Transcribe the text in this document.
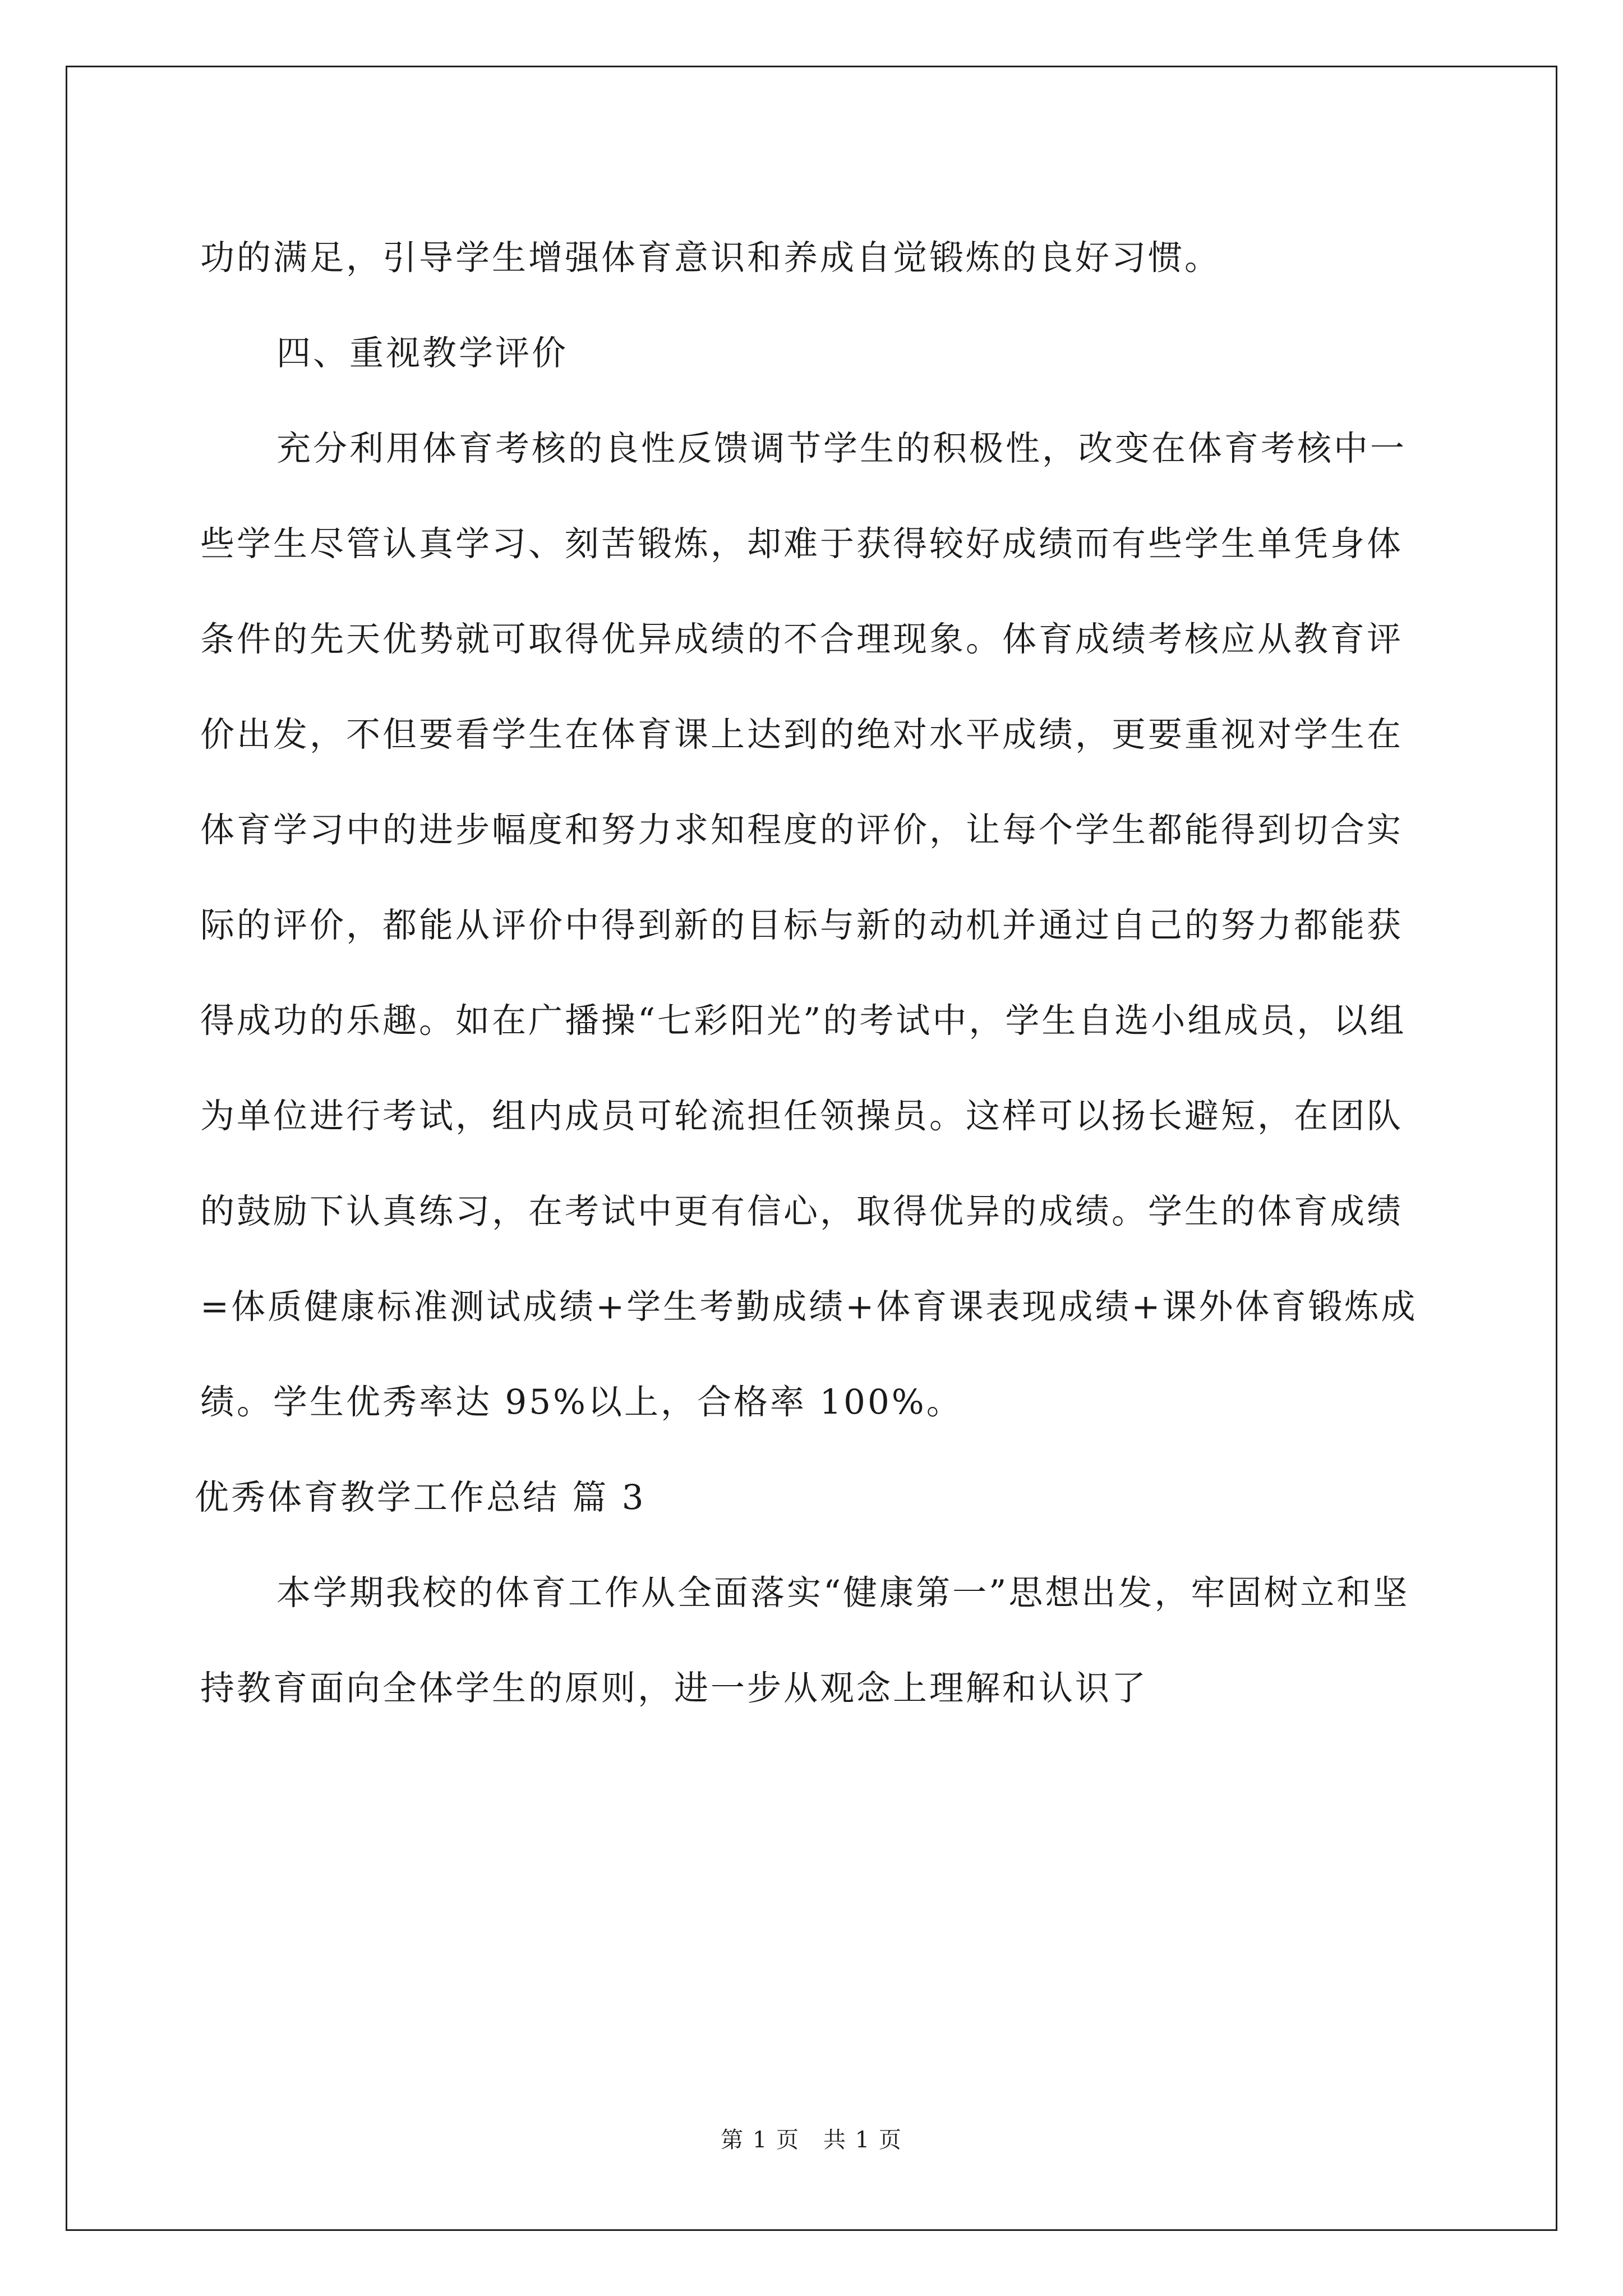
功的满足，引导学生增强体育意识和养成自觉锻炼的良好习惯。

四、重视教学评价

充分利用体育考核的良性反馈调节学生的积极性，改变在体育考核中一些学生尽管认真学习、刻苦锻炼，却难于获得较好成绩而有些学生单凭身体条件的先天优势就可取得优异成绩的不合理现象。体育成绩考核应从教育评价出发，不但要看学生在体育课上达到的绝对水平成绩，更要重视对学生在体育学习中的进步幅度和努力求知程度的评价，让每个学生都能得到切合实际的评价，都能从评价中得到新的目标与新的动机并通过自己的努力都能获得成功的乐趣。如在广播操“七彩阳光”的考试中，学生自选小组成员，以组为单位进行考试，组内成员可轮流担任领操员。这样可以扬长避短，在团队的鼓励下认真练习，在考试中更有信心，取得优异的成绩。学生的体育成绩=体质健康标准测试成绩+学生考勤成绩+体育课表现成绩+课外体育锻炼成绩。学生优秀率达 95%以上，合格率 100%。

优秀体育教学工作总结 篇 3

本学期我校的体育工作从全面落实“健康第一”思想出发，牢固树立和坚持教育面向全体学生的原则，进一步从观念上理解和认识了

第 1 页　共 1 页
